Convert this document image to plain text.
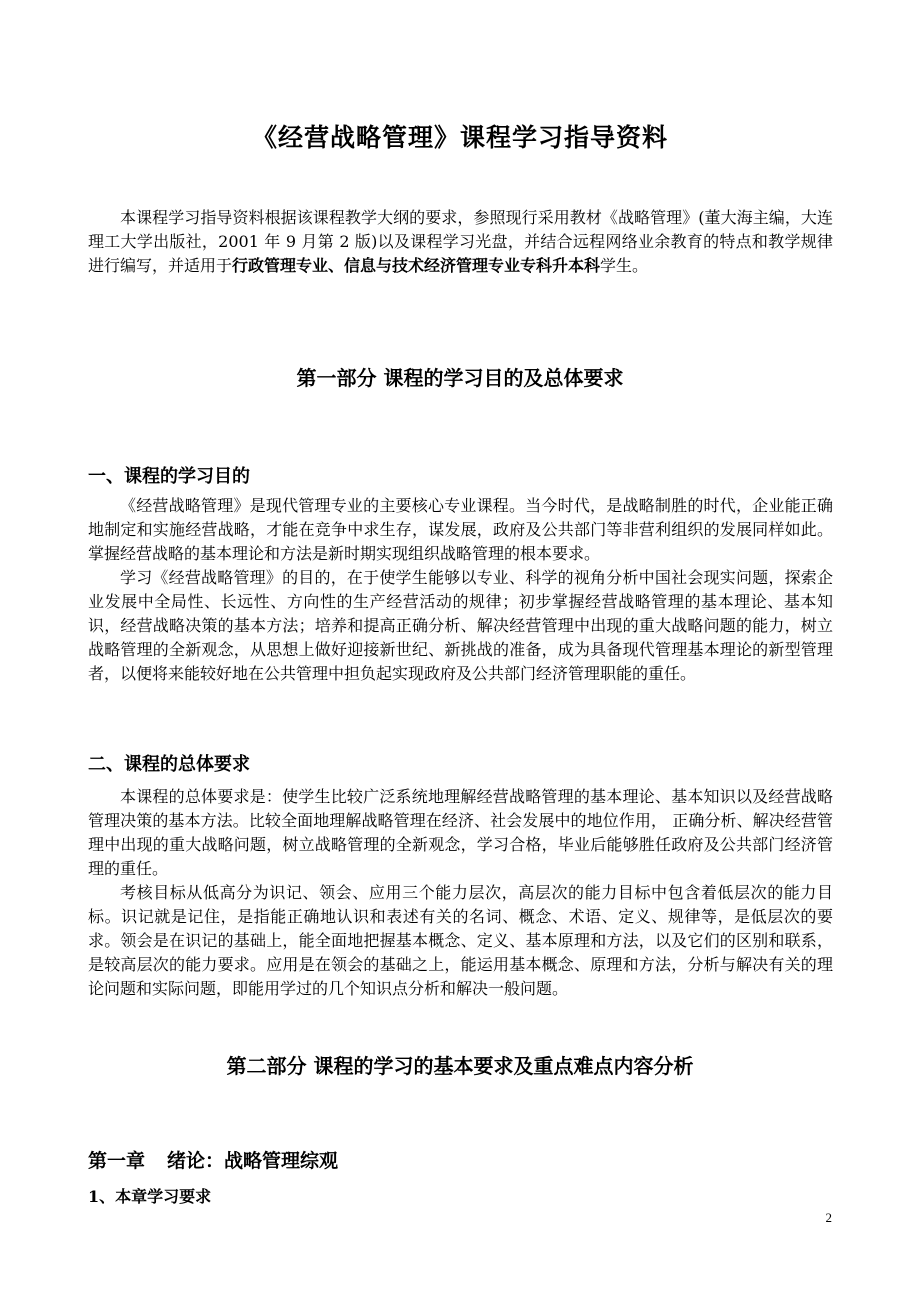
《经营战略管理》课程学习指导资料

本课程学习指导资料根据该课程教学大纲的要求，参照现行采用教材《战略管理》(董大海主编，大连理工大学出版社，2001 年 9 月第 2 版)以及课程学习光盘，并结合远程网络业余教育的特点和教学规律进行编写，并适用于行政管理专业、信息与技术经济管理专业专科升本科学生。

第一部分 课程的学习目的及总体要求
一、课程的学习目的

《经营战略管理》是现代管理专业的主要核心专业课程。当今时代，是战略制胜的时代，企业能正确地制定和实施经营战略，才能在竞争中求生存，谋发展，政府及公共部门等非营利组织的发展同样如此。掌握经营战略的基本理论和方法是新时期实现组织战略管理的根本要求。

学习《经营战略管理》的目的，在于使学生能够以专业、科学的视角分析中国社会现实问题，探索企业发展中全局性、长远性、方向性的生产经营活动的规律；初步掌握经营战略管理的基本理论、基本知识，经营战略决策的基本方法；培养和提高正确分析、解决经营管理中出现的重大战略问题的能力，树立战略管理的全新观念，从思想上做好迎接新世纪、新挑战的准备，成为具备现代管理基本理论的新型管理者，以便将来能较好地在公共管理中担负起实现政府及公共部门经济管理职能的重任。

二、课程的总体要求

本课程的总体要求是：使学生比较广泛系统地理解经营战略管理的基本理论、基本知识以及经营战略管理决策的基本方法。比较全面地理解战略管理在经济、社会发展中的地位作用， 正确分析、解决经营管理中出现的重大战略问题，树立战略管理的全新观念，学习合格，毕业后能够胜任政府及公共部门经济管理的重任。

考核目标从低高分为识记、领会、应用三个能力层次，高层次的能力目标中包含着低层次的能力目标。识记就是记住，是指能正确地认识和表述有关的名词、概念、术语、定义、规律等，是低层次的要求。领会是在识记的基础上，能全面地把握基本概念、定义、基本原理和方法，以及它们的区别和联系，是较高层次的能力要求。应用是在领会的基础之上，能运用基本概念、原理和方法，分析与解决有关的理论问题和实际问题，即能用学过的几个知识点分析和解决一般问题。

第二部分 课程的学习的基本要求及重点难点内容分析
第一章 绪论：战略管理综观
1、本章学习要求
2
